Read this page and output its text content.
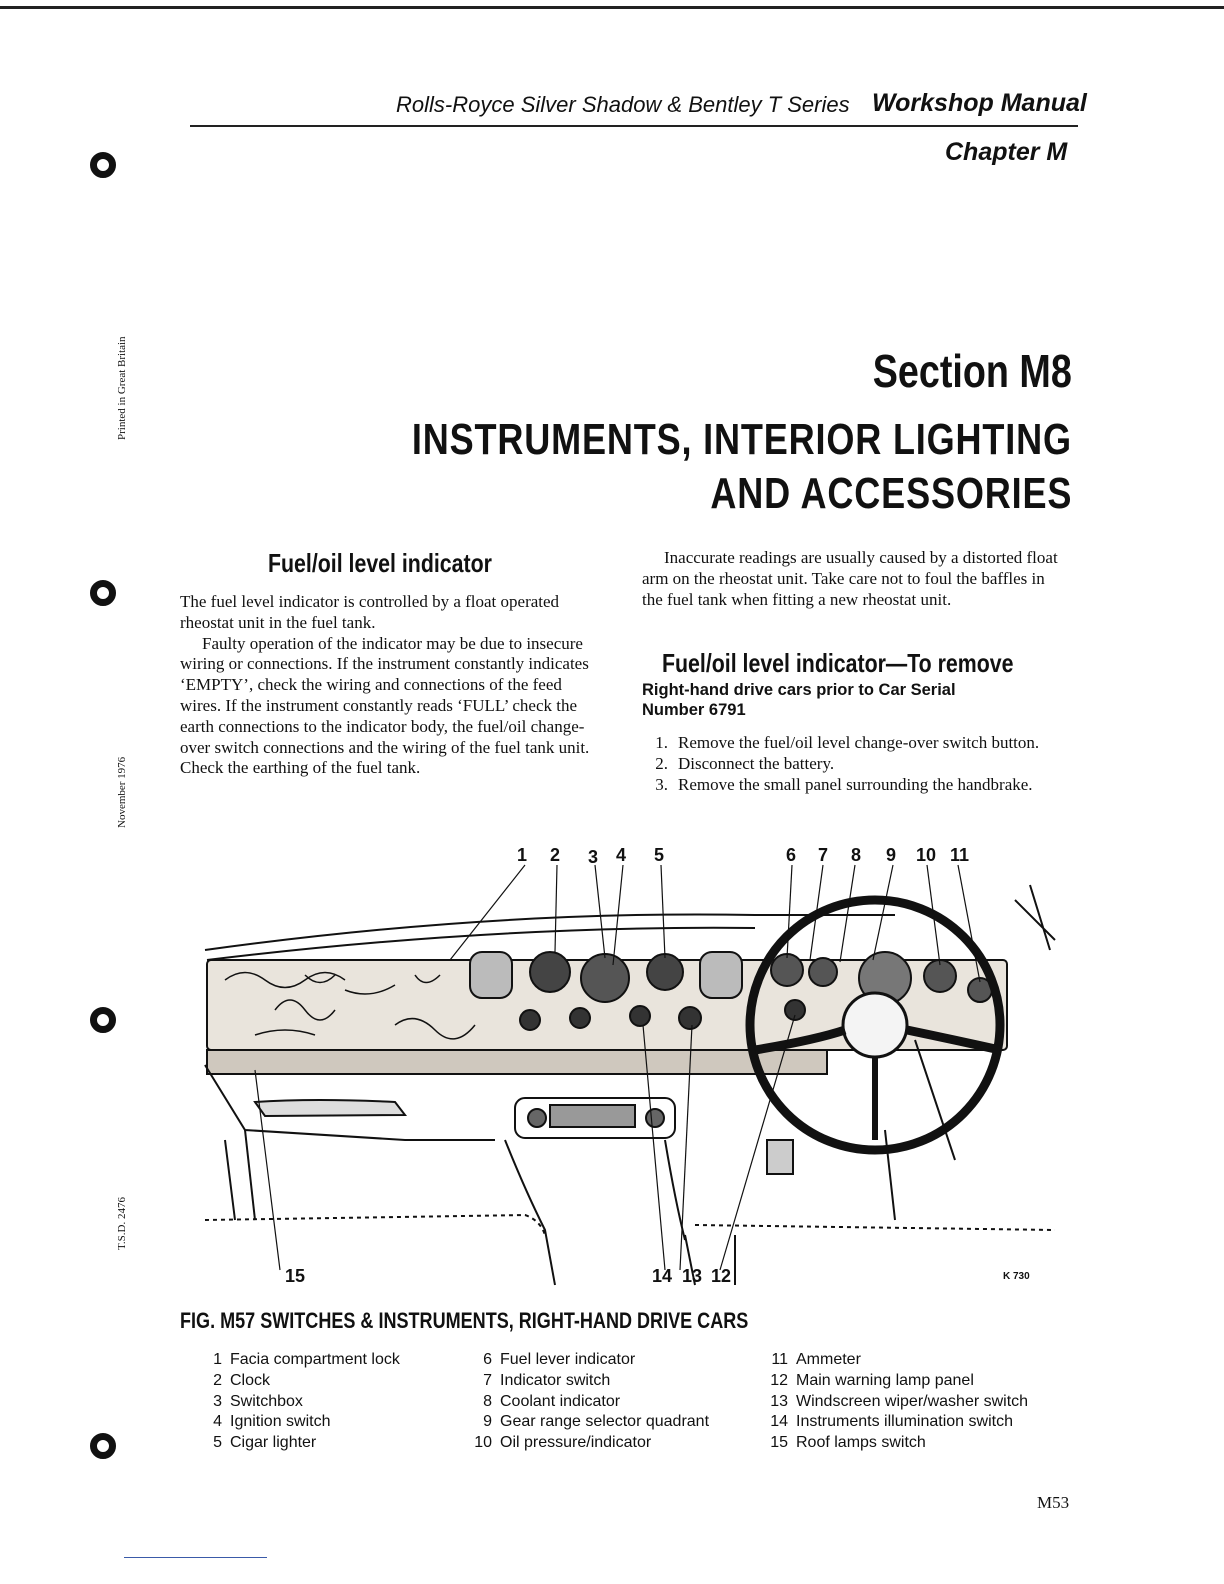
Rolls-Royce Silver Shadow & Bentley T Series Workshop Manual
Chapter M
Printed in Great Britain
November 1976
T.S.D. 2476
Section M8
INSTRUMENTS, INTERIOR LIGHTING
AND ACCESSORIES
Fuel/oil level indicator

The fuel level indicator is controlled by a float operated rheostat unit in the fuel tank.

Faulty operation of the indicator may be due to insecure wiring or connections. If the instrument constantly indicates ‘EMPTY’, check the wiring and connections of the feed wires. If the instrument constantly reads ‘FULL’ check the earth connections to the indicator body, the fuel/oil change-over switch connections and the wiring of the fuel tank unit. Check the earthing of the fuel tank.

Inaccurate readings are usually caused by a distorted float arm on the rheostat unit. Take care not to foul the baffles in the fuel tank when fitting a new rheostat unit.

Fuel/oil level indicator—To remove
Right-hand drive cars prior to Car Serial Number 6791
1. Remove the fuel/oil level change-over switch button.
2. Disconnect the battery.
3. Remove the small panel surrounding the handbrake.
1 2 3 4 5	6 7 8 9 10 11
15	14 13 12	K 730
FIG. M57 SWITCHES & INSTRUMENTS, RIGHT-HAND DRIVE CARS
1 Facia compartment lock
2 Clock
3 Switchbox
4 Ignition switch
5 Cigar lighter
6 Fuel lever indicator
7 Indicator switch
8 Coolant indicator
9 Gear range selector quadrant
10 Oil pressure/indicator
11 Ammeter
12 Main warning lamp panel
13 Windscreen wiper/washer switch
14 Instruments illumination switch
15 Roof lamps switch
M53
